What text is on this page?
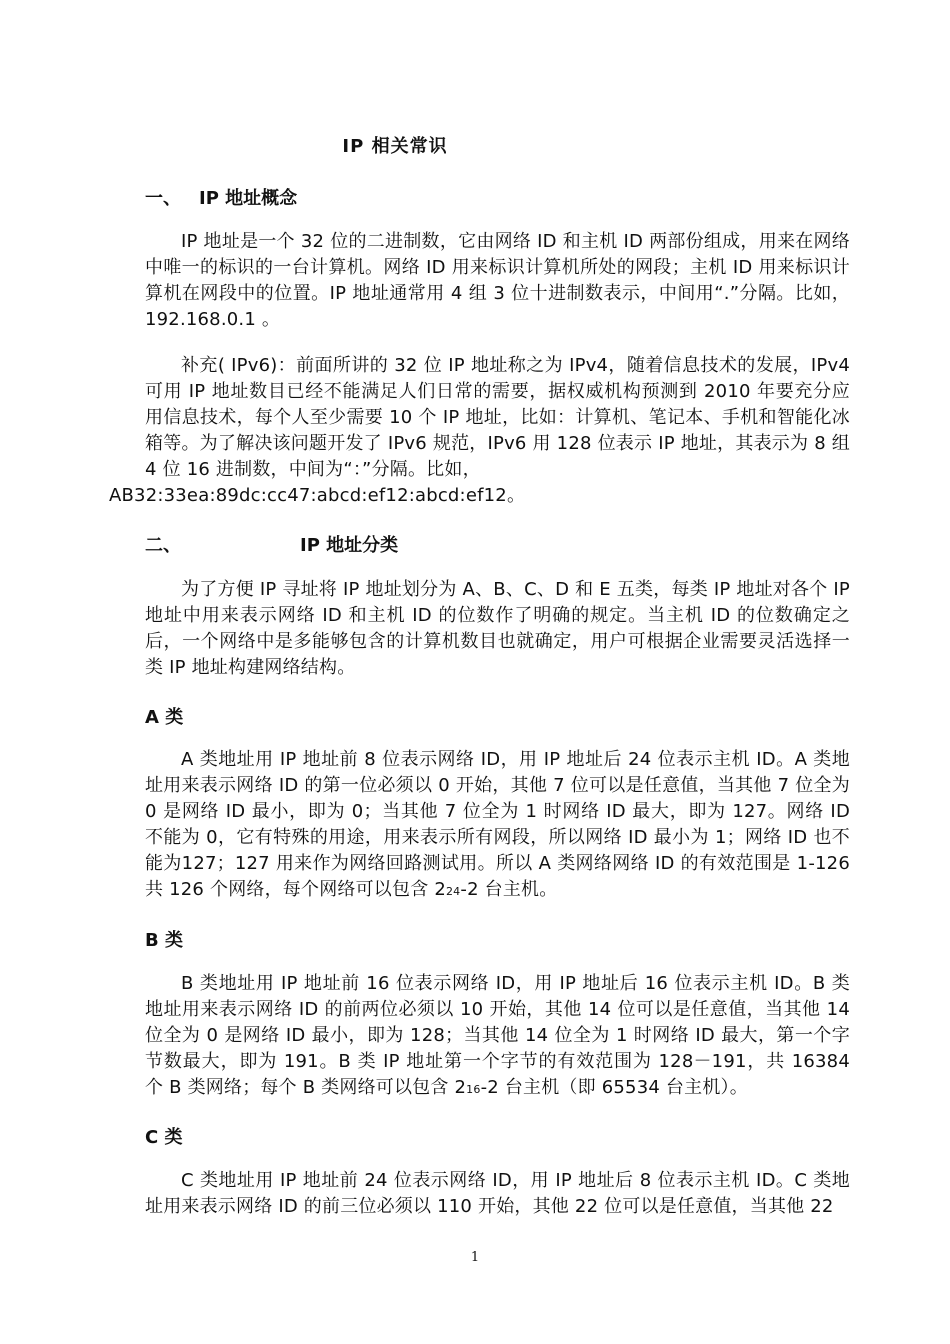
IP 相关常识
一、 IP 地址概念
IP 地址是一个 32 位的二进制数，它由网络 ID 和主机 ID 两部份组成，用来在网络中唯一的标识的一台计算机。网络 ID 用来标识计算机所处的网段；主机 ID 用来标识计算机在网段中的位置。IP 地址通常用 4 组 3 位十进制数表示，中间用“.”分隔。比如，192.168.0.1 。
补充( IPv6)：前面所讲的 32 位 IP 地址称之为 IPv4，随着信息技术的发展，IPv4 可用 IP 地址数目已经不能满足人们日常的需要，据权威机构预测到 2010 年要充分应用信息技术，每个人至少需要 10 个 IP 地址，比如：计算机、笔记本、手机和智能化冰箱等。为了解决该问题开发了 IPv6 规范，IPv6 用 128 位表示 IP 地址，其表示为 8 组 4 位 16 进制数，中间为“：”分隔。比如，
AB32:33ea:89dc:cc47:abcd:ef12:abcd:ef12。
二、	IP 地址分类
为了方便 IP 寻址将 IP 地址划分为 A、B、C、D 和 E 五类，每类 IP 地址对各个 IP 地址中用来表示网络 ID 和主机 ID 的位数作了明确的规定。当主机 ID 的位数确定之后，一个网络中是多能够包含的计算机数目也就确定，用户可根据企业需要灵活选择一类 IP 地址构建网络结构。
A 类
A 类地址用 IP 地址前 8 位表示网络 ID，用 IP 地址后 24 位表示主机 ID。A 类地址用来表示网络 ID 的第一位必须以 0 开始，其他 7 位可以是任意值，当其他 7 位全为 0 是网络 ID 最小，即为 0；当其他 7 位全为 1 时网络 ID 最大，即为 127。网络 ID 不能为 0，它有特殊的用途，用来表示所有网段，所以网络 ID 最小为 1；网络 ID 也不能为127；127 用来作为网络回路测试用。所以 A 类网络网络 ID 的有效范围是 1-126 共 126 个网络，每个网络可以包含 224-2 台主机。
B 类
B 类地址用 IP 地址前 16 位表示网络 ID，用 IP 地址后 16 位表示主机 ID。B 类地址用来表示网络 ID 的前两位必须以 10 开始，其他 14 位可以是任意值，当其他 14 位全为 0 是网络 ID 最小，即为 128；当其他 14 位全为 1 时网络 ID 最大，第一个字节数最大，即为 191。B 类 IP 地址第一个字节的有效范围为 128－191，共 16384 个 B 类网络；每个 B 类网络可以包含 216-2 台主机（即 65534 台主机）。
C 类
C 类地址用 IP 地址前 24 位表示网络 ID，用 IP 地址后 8 位表示主机 ID。C 类地址用来表示网络 ID 的前三位必须以 110 开始，其他 22 位可以是任意值，当其他 22
1
